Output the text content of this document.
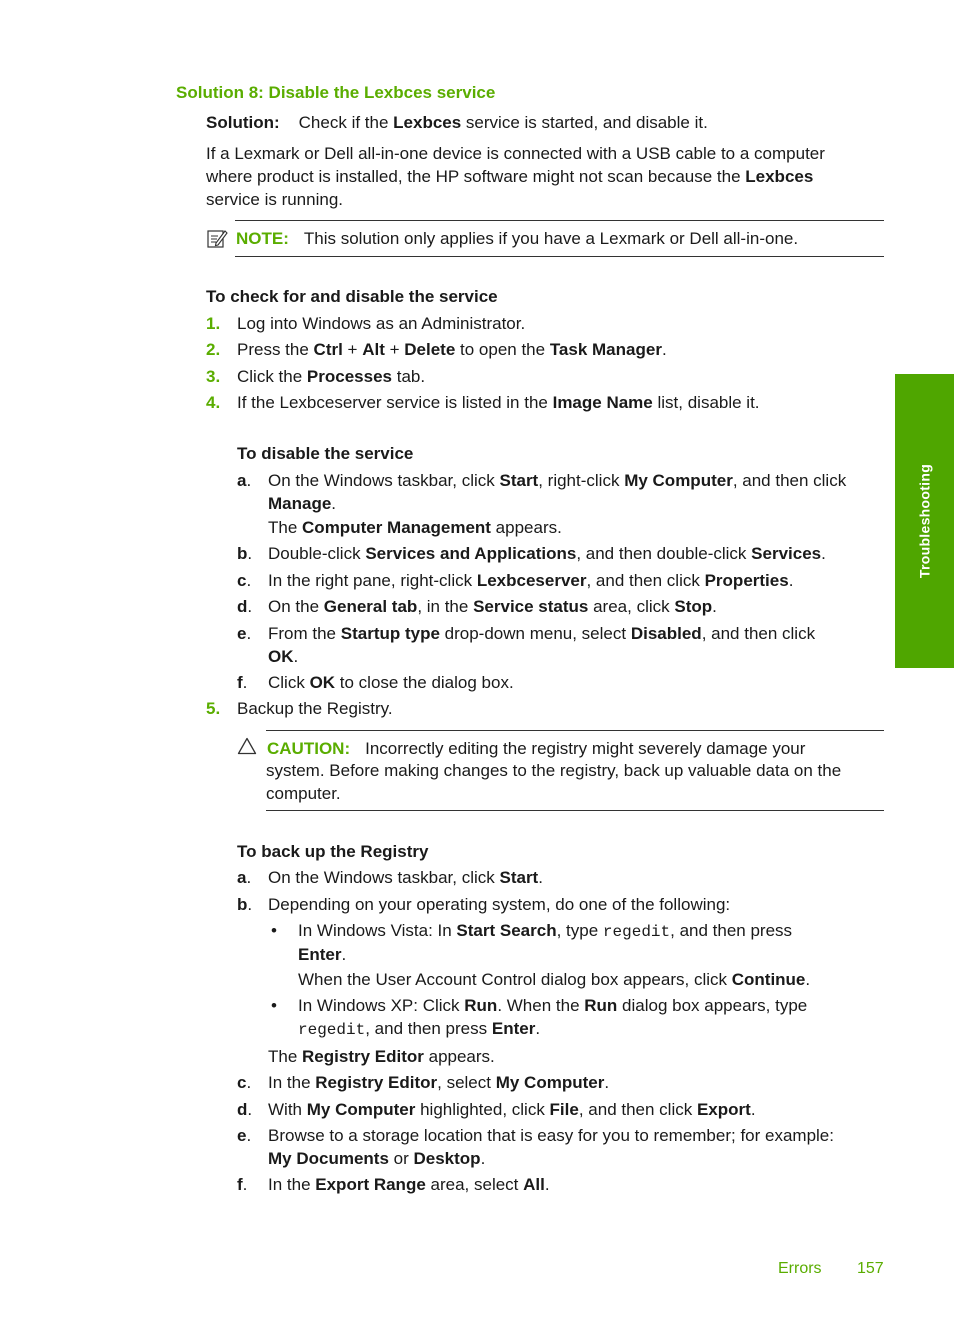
Solution 8: Disable the Lexbces service
Solution: Check if the Lexbces service is started, and disable it.
If a Lexmark or Dell all-in-one device is connected with a USB cable to a computer
where product is installed, the HP software might not scan because the Lexbces
service is running.
NOTE: This solution only applies if you have a Lexmark or Dell all-in-one.
To check for and disable the service
1. Log into Windows as an Administrator.
2. Press the Ctrl + Alt + Delete to open the Task Manager.
3. Click the Processes tab.
4. If the Lexbceserver service is listed in the Image Name list, disable it.
To disable the service
a. On the Windows taskbar, click Start, right-click My Computer, and then click
Manage.
The Computer Management appears.
b. Double-click Services and Applications, and then double-click Services.
c. In the right pane, right-click Lexbceserver, and then click Properties.
d. On the General tab, in the Service status area, click Stop.
e. From the Startup type drop-down menu, select Disabled, and then click
OK.
f. Click OK to close the dialog box.
5. Backup the Registry.
CAUTION: Incorrectly editing the registry might severely damage your
system. Before making changes to the registry, back up valuable data on the
computer.
To back up the Registry
a. On the Windows taskbar, click Start.
b. Depending on your operating system, do one of the following:
• In Windows Vista: In Start Search, type regedit, and then press
Enter.
When the User Account Control dialog box appears, click Continue.
• In Windows XP: Click Run. When the Run dialog box appears, type
regedit, and then press Enter.
The Registry Editor appears.
c. In the Registry Editor, select My Computer.
d. With My Computer highlighted, click File, and then click Export.
e. Browse to a storage location that is easy for you to remember; for example:
My Documents or Desktop.
f. In the Export Range area, select All.
Troubleshooting
Errors 157
